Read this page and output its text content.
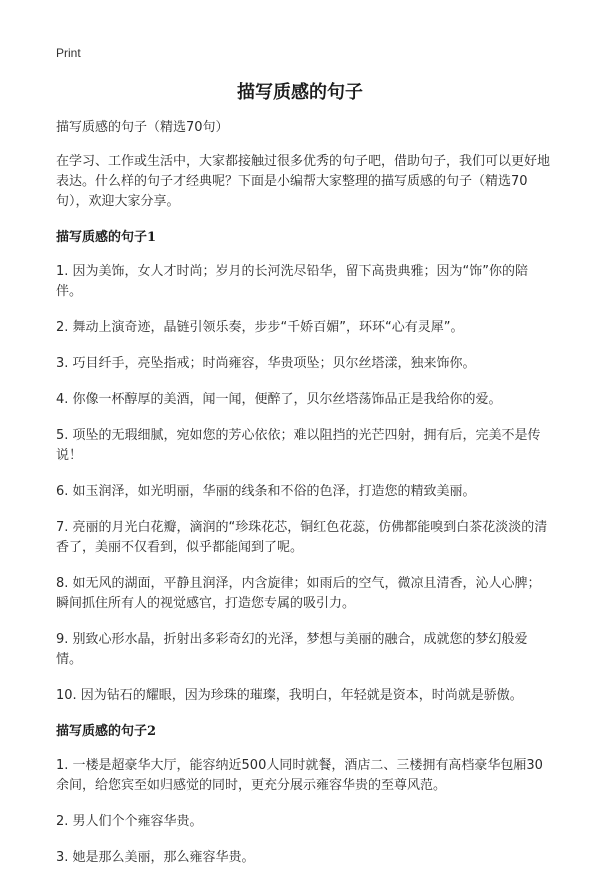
Print
描写质感的句子

描写质感的句子（精选70句）

在学习、工作或生活中，大家都接触过很多优秀的句子吧，借助句子，我们可以更好地表达。什么样的句子才经典呢？下面是小编帮大家整理的描写质感的句子（精选70句），欢迎大家分享。

描写质感的句子1

1. 因为美饰，女人才时尚；岁月的长河洗尽铅华，留下高贵典雅；因为“饰”你的陪伴。

2. 舞动上演奇迹，晶链引领乐奏，步步“千娇百媚”，环环“心有灵犀”。

3. 巧目纤手，亮坠指戒；时尚雍容，华贵项坠；贝尔丝塔漾，独来饰你。

4. 你像一杯醇厚的美酒，闻一闻，便醉了，贝尔丝塔荡饰品正是我给你的爱。

5. 项坠的无瑕细腻，宛如您的芳心依依；难以阻挡的光芒四射，拥有后，完美不是传说！

6. 如玉润泽，如光明丽，华丽的线条和不俗的色泽，打造您的精致美丽。

7. 亮丽的月光白花瓣，滴润的“珍珠花芯，铜红色花蕊，仿佛都能嗅到白茶花淡淡的清香了，美丽不仅看到，似乎都能闻到了呢。

8. 如无风的湖面，平静且润泽，内含旋律；如雨后的空气，微凉且清香，沁人心脾；瞬间抓住所有人的视觉感官，打造您专属的吸引力。

9. 别致心形水晶，折射出多彩奇幻的光泽，梦想与美丽的融合，成就您的梦幻般爱情。

10. 因为钻石的耀眼，因为珍珠的璀璨，我明白，年轻就是资本，时尚就是骄傲。

描写质感的句子2

1. 一楼是超豪华大厅，能容纳近500人同时就餐，酒店二、三楼拥有高档豪华包厢30余间，给您宾至如归感觉的同时，更充分展示雍容华贵的至尊风范。

2. 男人们个个雍容华贵。

3. 她是那么美丽，那么雍容华贵。
